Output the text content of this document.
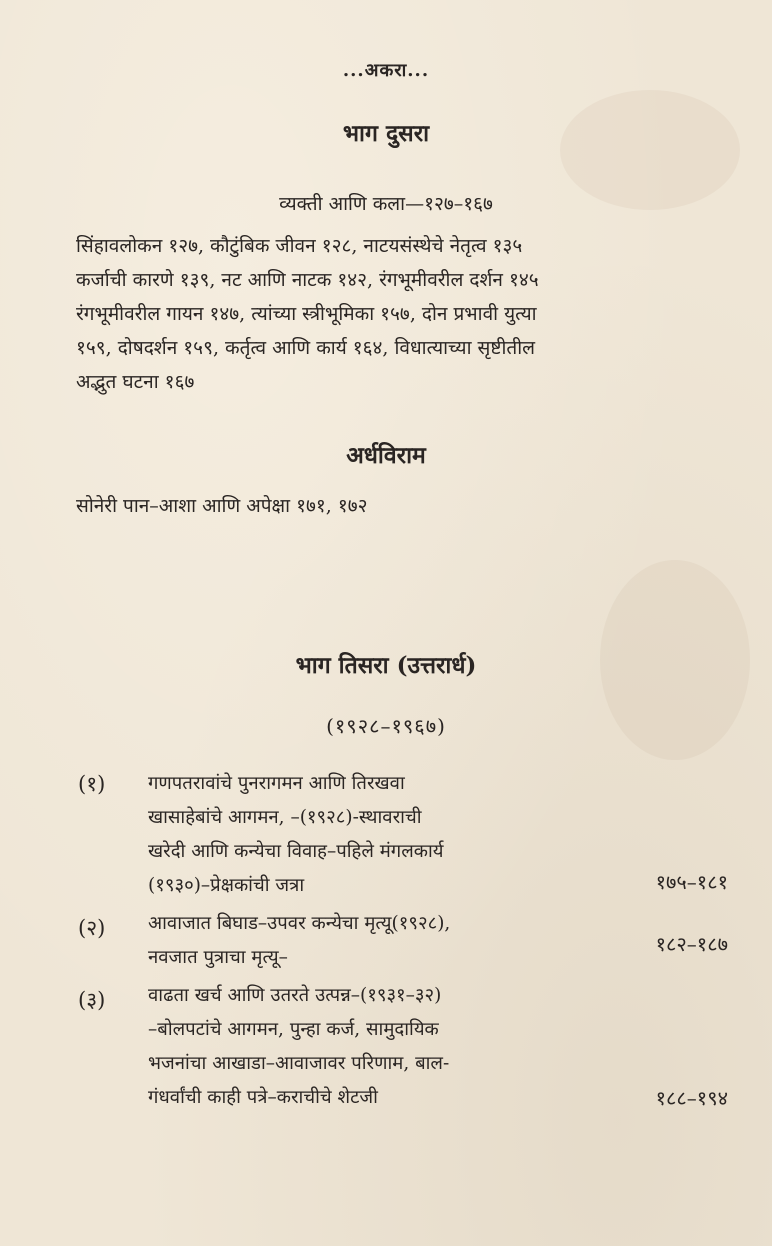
...अकरा...
भाग दुसरा
व्यक्ती आणि कला—१२७–१६७
सिंहावलोकन १२७, कौटुंबिक जीवन १२८, नाटयसंस्थेचे नेतृत्व १३५
कर्जाची कारणे १३९, नट आणि नाटक १४२, रंगभूमीवरील दर्शन १४५
रंगभूमीवरील गायन १४७, त्यांच्या स्त्रीभूमिका १५७, दोन प्रभावी युत्या
१५९, दोषदर्शन १५९, कर्तृत्व आणि कार्य १६४, विधात्याच्या सृष्टीतील
अद्भुत घटना १६७
अर्धविराम
सोनेरी पान–आशा आणि अपेक्षा १७१, १७२
भाग तिसरा (उत्तरार्ध)
(१९२८–१९६७)
(१) गणपतरावांचे पुनरागमन आणि तिरखवा
खासाहेबांचे आगमन, –(१९२८)-स्थावराची
खरेदी आणि कन्येचा विवाह–पहिले मंगलकार्य
(१९३०)–प्रेक्षकांची जत्रा	१७५–१८१
(२) आवाजात बिघाड–उपवर कन्येचा मृत्यू(१९२८),
नवजात पुत्राचा मृत्यू–
१८२–१८७
(३) वाढता खर्च आणि उतरते उत्पन्न–(१९३१–३२)
–बोलपटांचे आगमन, पुन्हा कर्ज, सामुदायिक
भजनांचा आखाडा–आवाजावर परिणाम, बाल-
गंधर्वांची काही पत्रे–कराचीचे शेटजी	१८८–१९४
